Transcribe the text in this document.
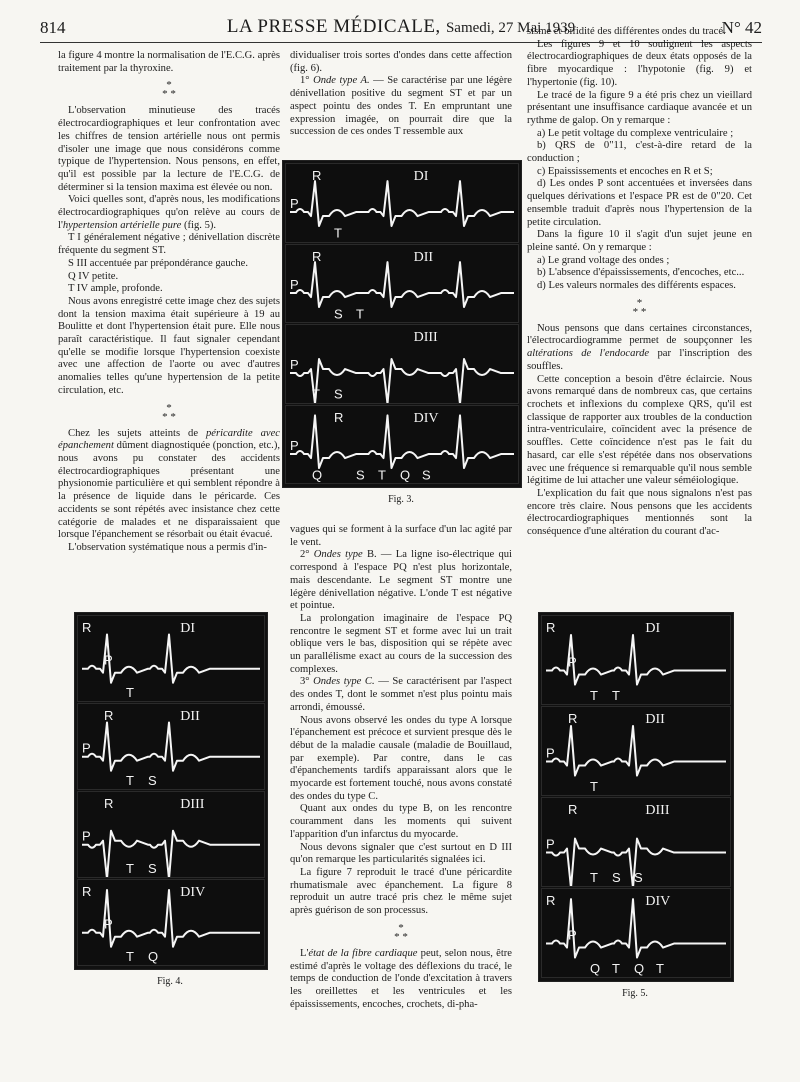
814	LA PRESSE MÉDICALE, Samedi, 27 Mai 1939	N° 42

la figure 4 montre la normalisation de l'E.C.G. après traitement par la thyroxine.

*
* *

L'observation minutieuse des tracés électrocardiographiques et leur confrontation avec les chiffres de tension artérielle nous ont permis d'isoler une image que nous considérons comme typique de l'hypertension. Nous pensons, en effet, qu'il est possible par la lecture de l'E.C.G. de déterminer si la tension maxima est élevée ou non.

Voici quelles sont, d'après nous, les modifications électrocardiographiques qu'on relève au cours de l'hypertension artérielle pure (fig. 5).

T I généralement négative ; dénivellation discrète fréquente du segment ST.

S III accentuée par prépondérance gauche.

Q IV petite.

T IV ample, profonde.

Nous avons enregistré cette image chez des sujets dont la tension maxima était supérieure à 19 au Boulitte et dont l'hypertension était pure. Elle nous paraît caractéristique. Il faut signaler cependant qu'elle se modifie lorsque l'hypertension coexiste avec une affection de l'aorte ou avec d'autres anomalies telles qu'une hypertension de la petite circulation, etc.

*
* *

Chez les sujets atteints de péricardite avec épanchement dûment diagnostiquée (ponction, etc.), nous avons pu constater des accidents électrocardiographiques présentant une physionomie particulière et qui semblent répondre à la présence de liquide dans le péricarde. Ces accidents se sont répétés avec insistance chez cette catégorie de malades et ne disparaissaient que lorsque l'épanchement se résorbait ou était évacué.

L'observation systématique nous a permis d'in-

dividualiser trois sortes d'ondes dans cette affection (fig. 6).

1° Onde type A. — Se caractérise par une légère dénivellation positive du segment ST et par un aspect pointu des ondes T. En empruntant une expression imagée, on pourrait dire que la succession de ces ondes T ressemble aux

sisme et bifidité des différentes ondes du tracé.

Les figures 9 et 10 soulignent les aspects électrocardiographiques de deux états opposés de la fibre myocardique : l'hypotonie (fig. 9) et l'hypertonie (fig. 10).

Le tracé de la figure 9 a été pris chez un vieillard présentant une insuffisance cardiaque avancée et un rythme de galop. On y remarque :

a) Le petit voltage du complexe ventriculaire ;

b) QRS de 0"11, c'est-à-dire retard de la conduction ;

c) Epaississements et encoches en R et S;

d) Les ondes P sont accentuées et inversées dans quelques dérivations et l'espace PR est de 0"20. Cet ensemble traduit d'après nous l'hypertension de la petite circulation.

Dans la figure 10 il s'agit d'un sujet jeune en pleine santé. On y remarque :

a) Le grand voltage des ondes ;

b) L'absence d'épaississements, d'encoches, etc...

d) Les valeurs normales des différents espaces.

*
* *

Nous pensons que dans certaines circonstances, l'électrocardiogramme permet de soupçonner les altérations de l'endocarde par l'inscription des souffles.

Cette conception a besoin d'être éclaircie. Nous avons remarqué dans de nombreux cas, que certains crochets et inflexions du complexe QRS, qu'il est classique de rapporter aux troubles de la conduction intra-ventriculaire, coïncident avec la présence de souffles. Cette coïncidence n'est pas le fait du hasard, car elle s'est répétée dans nos observations avec une fréquence si remarquable qu'il nous semble légitime de lui attacher une valeur séméiologique.

L'explication du fait que nous signalons n'est pas encore très claire. Nous pensons que les accidents électrocardiographiques mentionnés sont la conséquence d'une altération du courant d'ac-

vagues qui se forment à la surface d'un lac agité par le vent.

2° Ondes type B. — La ligne iso-électrique qui correspond à l'espace PQ n'est plus horizontale, mais descendante. Le segment ST montre une légère dénivellation négative. L'onde T est négative et pointue.

La prolongation imaginaire de l'espace PQ rencontre le segment ST et forme avec lui un trait oblique vers le bas, disposition qui se répète avec un parallélisme exact au cours de la succession des complexes.

3° Ondes type C. — Se caractérisent par l'aspect des ondes T, dont le sommet n'est plus pointu mais arrondi, émoussé.

Nous avons observé les ondes du type A lorsque l'épanchement est précoce et survient presque dès le début de la maladie causale (maladie de Bouillaud, par exemple). Par contre, dans le cas d'épanchements tardifs apparaissant alors que le myocarde est fortement touché, nous avons constaté des ondes du type C.

Quant aux ondes du type B, on les rencontre couramment dans les moments qui suivent l'apparition d'un infarctus du myocarde.

Nous devons signaler que c'est surtout en D III qu'on remarque les particularités signalées ici.

La figure 7 reproduit le tracé d'une péricardite rhumatismale avec épanchement. La figure 8 reproduit un autre tracé pris chez le même sujet après guérison de son processus.

*
* *

L'état de la fibre cardiaque peut, selon nous, être estimé d'après le voltage des déflexions du tracé, le temps de conduction de l'onde d'excitation à travers les oreillettes et les ventricules et les épaississements, encoches, crochets, di-pha-

DI
P
R
T
DII
P
R
S T
DIII
P
T S
DIV
P
Q
R
S T Q S
Fig. 3.
DI
R
P
T
DII
P
R
T S
DIII
P
R
T S
DIV
R
P
T Q
Fig. 4.
DI
R
P
T T
DII
P
R
T
DIII
P
R
T S S
DIV
R
P
Q T Q T
Fig. 5.
